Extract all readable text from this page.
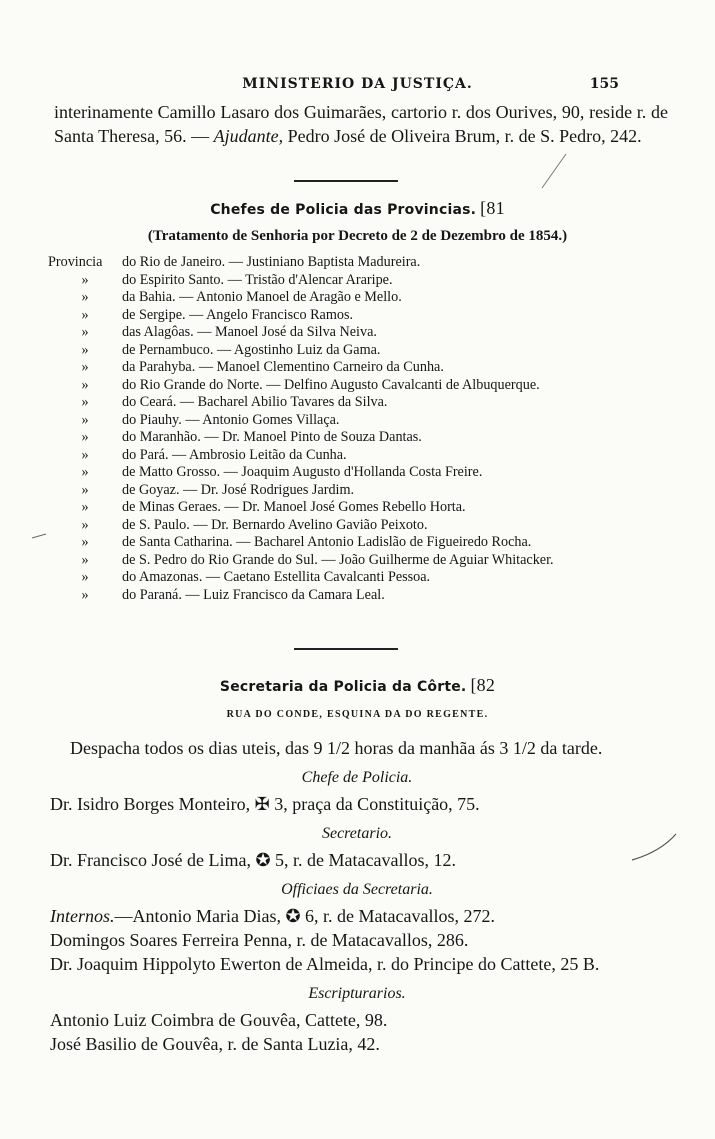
MINISTERIO DA JUSTIÇA.	155

interinamente Camillo Lasaro dos Guimarães, cartorio r. dos Ourives, 90, reside r. de Santa Theresa, 56. — Ajudante, Pedro José de Oliveira Brum, r. de S. Pedro, 242.

Chefes de Policia das Provincias. [81
(Tratamento de Senhoria por Decreto de 2 de Dezembro de 1854.)
Provincia	do Rio de Janeiro. — Justiniano Baptista Madureira.
»	do Espirito Santo. — Tristão d'Alencar Araripe.
»	da Bahia. — Antonio Manoel de Aragão e Mello.
»	de Sergipe. — Angelo Francisco Ramos.
»	das Alagôas. — Manoel José da Silva Neiva.
»	de Pernambuco. — Agostinho Luiz da Gama.
»	da Parahyba. — Manoel Clementino Carneiro da Cunha.
»	do Rio Grande do Norte. — Delfino Augusto Cavalcanti de Albuquerque.
»	do Ceará. — Bacharel Abilio Tavares da Silva.
»	do Piauhy. — Antonio Gomes Villaça.
»	do Maranhão. — Dr. Manoel Pinto de Souza Dantas.
»	do Pará. — Ambrosio Leitão da Cunha.
»	de Matto Grosso. — Joaquim Augusto d'Hollanda Costa Freire.
»	de Goyaz. — Dr. José Rodrigues Jardim.
»	de Minas Geraes. — Dr. Manoel José Gomes Rebello Horta.
»	de S. Paulo. — Dr. Bernardo Avelino Gavião Peixoto.
»	de Santa Catharina. — Bacharel Antonio Ladislão de Figueiredo Rocha.
»	de S. Pedro do Rio Grande do Sul. — João Guilherme de Aguiar Whitacker.
»	do Amazonas. — Caetano Estellita Cavalcanti Pessoa.
»	do Paraná. — Luiz Francisco da Camara Leal.
Secretaria da Policia da Côrte. [82
RUA DO CONDE, ESQUINA DA DO REGENTE.

Despacha todos os dias uteis, das 9 1/2 horas da manhãa ás 3 1/2 da tarde.

Chefe de Policia.

Dr. Isidro Borges Monteiro, ✠ 3, praça da Constituição, 75.

Secretario.

Dr. Francisco José de Lima, ✪ 5, r. de Matacavallos, 12.

Officiaes da Secretaria.

Internos.—Antonio Maria Dias, ✪ 6, r. de Matacavallos, 272.

Domingos Soares Ferreira Penna, r. de Matacavallos, 286.

Dr. Joaquim Hippolyto Ewerton de Almeida, r. do Principe do Cattete, 25 B.

Escripturarios.

Antonio Luiz Coimbra de Gouvêa, Cattete, 98.

José Basilio de Gouvêa, r. de Santa Luzia, 42.
